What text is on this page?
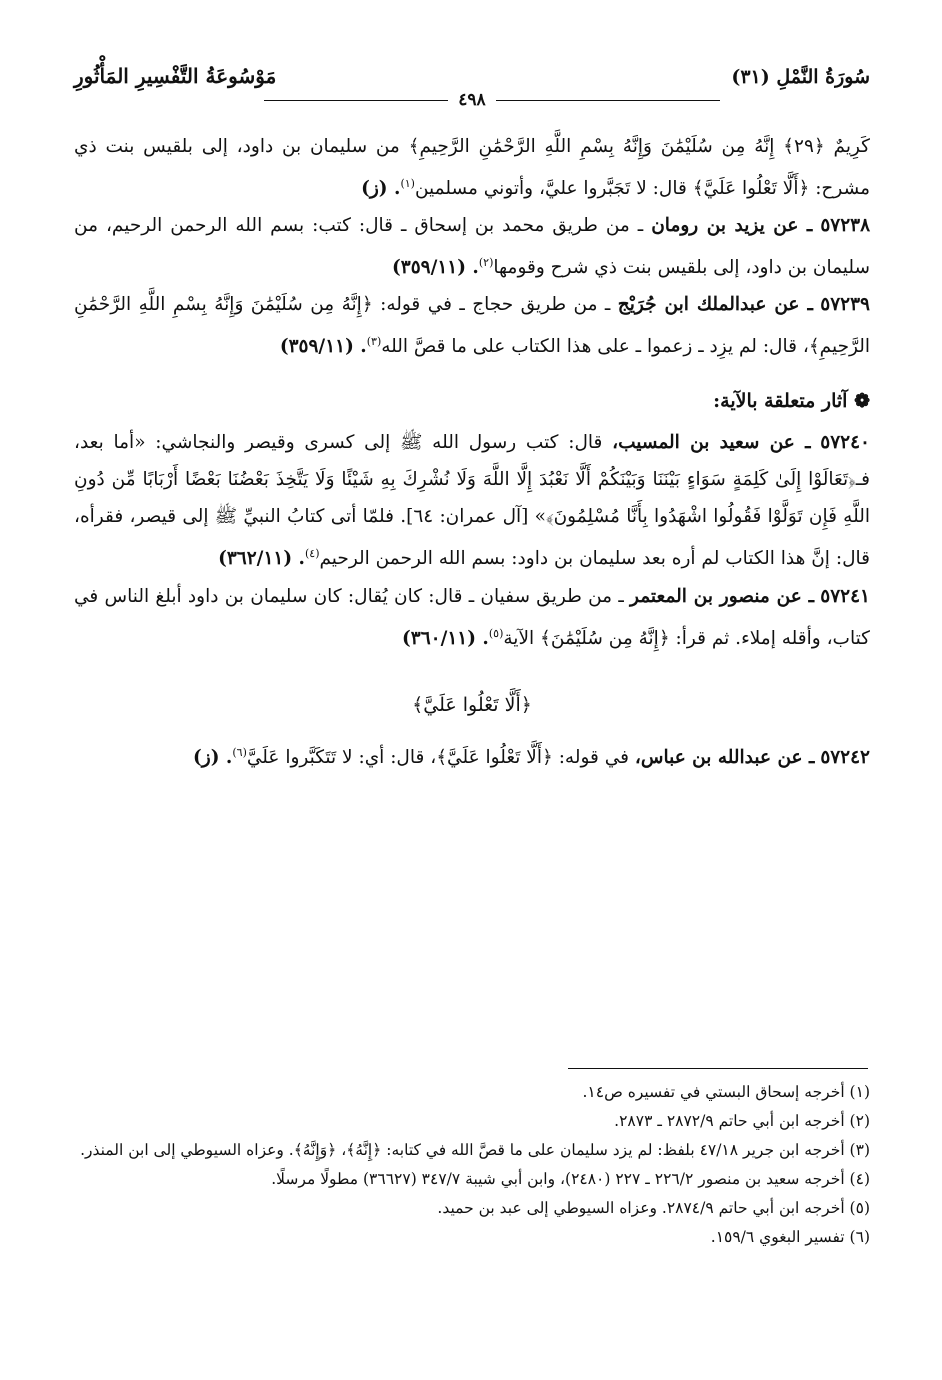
سُورَةُ النَّمْلِ (٣١)
٤٩٨
مَوْسُوعَةُ التَّفْسِيرِ المَأْثُورِ

كَرِيمٌ ﴿٢٩﴾ إِنَّهُ مِن سُلَيْمَٰنَ وَإِنَّهُ بِسْمِ اللَّهِ الرَّحْمَٰنِ الرَّحِيمِ﴾ من سليمان بن داود، إلى بلقيس بنت ذي مشرح: ﴿أَلَّا تَعْلُوا عَلَيَّ﴾ قال: لا تَجَبَّروا عليَّ، وأتوني مسلمين$^{(١)}$. (ز)

٥٧٢٣٨ ـ عن يزيد بن رومان ـ من طريق محمد بن إسحاق ـ قال: كتب: بسم الله الرحمن الرحيم، من سليمان بن داود، إلى بلقيس بنت ذي شرح وقومها$^{(٢)}$. (٣٥٩/١١)

٥٧٢٣٩ ـ عن عبدالملك ابن جُرَيْج ـ من طريق حجاج ـ في قوله: ﴿إِنَّهُ مِن سُلَيْمَٰنَ وَإِنَّهُ بِسْمِ اللَّهِ الرَّحْمَٰنِ الرَّحِيمِ﴾، قال: لم يزِد ـ زعموا ـ على هذا الكتاب على ما قصَّ الله$^{(٣)}$. (٣٥٩/١١)

❁ آثار متعلقة بالآية:

٥٧٢٤٠ ـ عن سعيد بن المسيب، قال: كتب رسول الله ﷺ إلى كسرى وقيصر والنجاشي: «أما بعد، فـ﴿تَعَالَوْا إِلَىٰ كَلِمَةٍ سَوَاءٍ بَيْنَنَا وَبَيْنَكُمْ أَلَّا نَعْبُدَ إِلَّا اللَّهَ وَلَا نُشْرِكَ بِهِ شَيْئًا وَلَا يَتَّخِذَ بَعْضُنَا بَعْضًا أَرْبَابًا مِّن دُونِ اللَّهِ فَإِن تَوَلَّوْا فَقُولُوا اشْهَدُوا بِأَنَّا مُسْلِمُونَ﴾» [آل عمران: ٦٤]. فلمّا أتى كتابُ النبيِّ ﷺ إلى قيصر، فقرأه، قال: إنَّ هذا الكتاب لم أره بعد سليمان بن داود: بسم الله الرحمن الرحيم$^{(٤)}$. (٣٦٢/١١)

٥٧٢٤١ ـ عن منصور بن المعتمر ـ من طريق سفيان ـ قال: كان يُقال: كان سليمان بن داود أبلغ الناس في كتاب، وأقله إملاء. ثم قرأ: ﴿إِنَّهُ مِن سُلَيْمَٰنَ﴾ الآية$^{(٥)}$. (٣٦٠/١١)

﴿أَلَّا تَعْلُوا عَلَيَّ﴾

٥٧٢٤٢ ـ عن عبدالله بن عباس، في قوله: ﴿أَلَّا تَعْلُوا عَلَيَّ﴾، قال: أي: لا تَتَكَبَّروا عَلَيَّ$^{(٦)}$. (ز)

(١) أخرجه إسحاق البستي في تفسيره ص١٤.

(٢) أخرجه ابن أبي حاتم ٢٨٧٢/٩ ـ ٢٨٧٣.

(٣) أخرجه ابن جرير ٤٧/١٨ بلفظ: لم يزد سليمان على ما قصَّ الله في كتابه: ﴿إِنَّهُ﴾، ﴿وَإِنَّهُ﴾. وعزاه السيوطي إلى ابن المنذر.

(٤) أخرجه سعيد بن منصور ٢٢٦/٢ ـ ٢٢٧ (٢٤٨٠)، وابن أبي شيبة ٣٤٧/٧ (٣٦٦٢٧) مطولًا مرسلًا.

(٥) أخرجه ابن أبي حاتم ٢٨٧٤/٩. وعزاه السيوطي إلى عبد بن حميد.

(٦) تفسير البغوي ١٥٩/٦.
